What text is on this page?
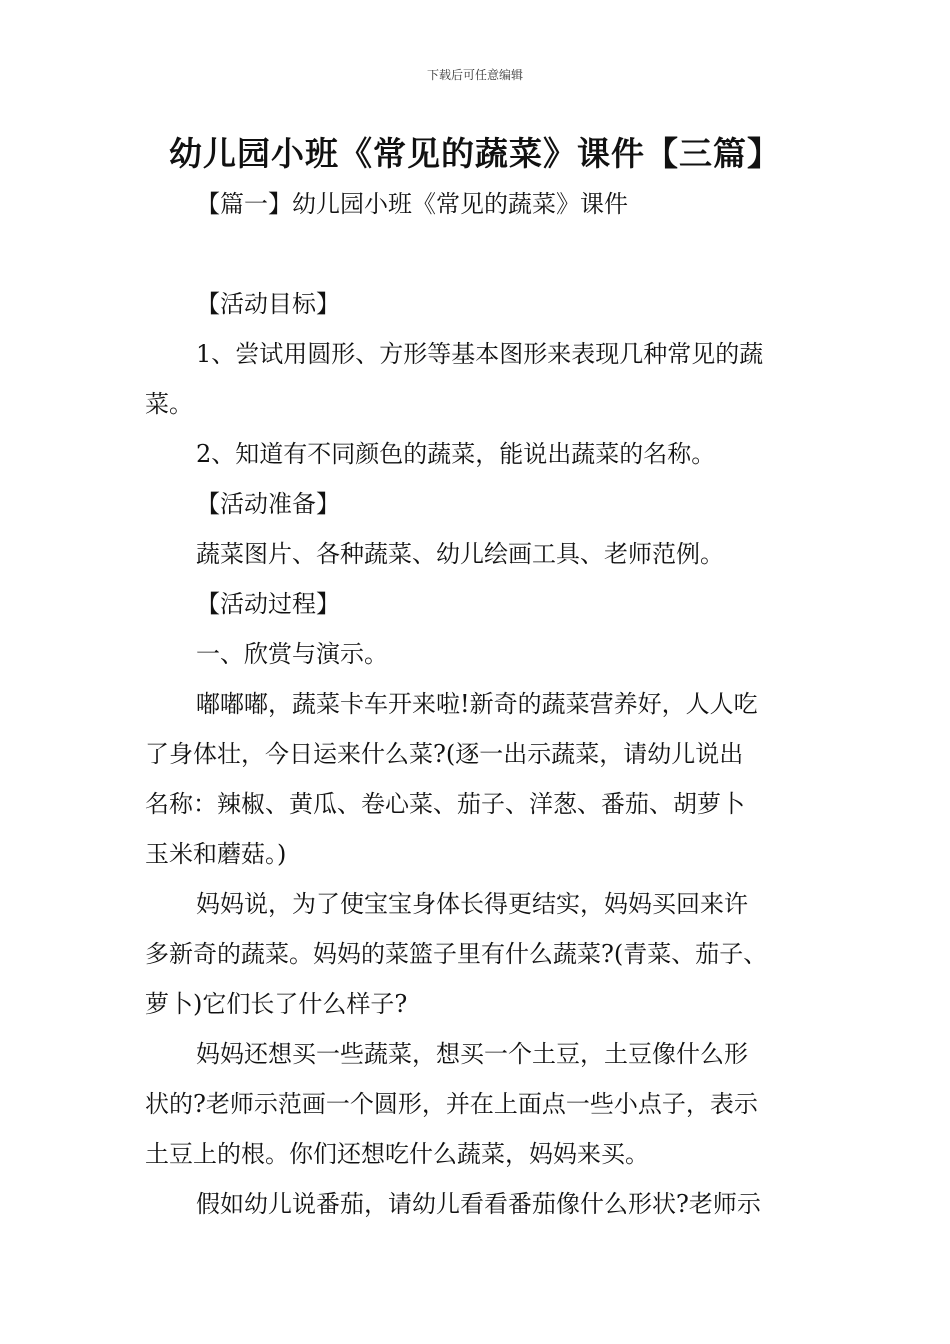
下载后可任意编辑
幼儿园小班《常见的蔬菜》课件【三篇】
【篇一】幼儿园小班《常见的蔬菜》课件
【活动目标】
1、尝试用圆形、方形等基本图形来表现几种常见的蔬
菜。
2、知道有不同颜色的蔬菜，能说出蔬菜的名称。
【活动准备】
蔬菜图片、各种蔬菜、幼儿绘画工具、老师范例。
【活动过程】
一、欣赏与演示。
嘟嘟嘟，蔬菜卡车开来啦!新奇的蔬菜营养好，人人吃
了身体壮，今日运来什么菜?(逐一出示蔬菜，请幼儿说出
名称：辣椒、黄瓜、卷心菜、茄子、洋葱、番茄、胡萝卜
玉米和蘑菇。)
妈妈说，为了使宝宝身体长得更结实，妈妈买回来许
多新奇的蔬菜。妈妈的菜篮子里有什么蔬菜?(青菜、茄子、
萝卜)它们长了什么样子?
妈妈还想买一些蔬菜，想买一个土豆，土豆像什么形
状的?老师示范画一个圆形，并在上面点一些小点子，表示
土豆上的根。你们还想吃什么蔬菜，妈妈来买。
假如幼儿说番茄，请幼儿看看番茄像什么形状?老师示
